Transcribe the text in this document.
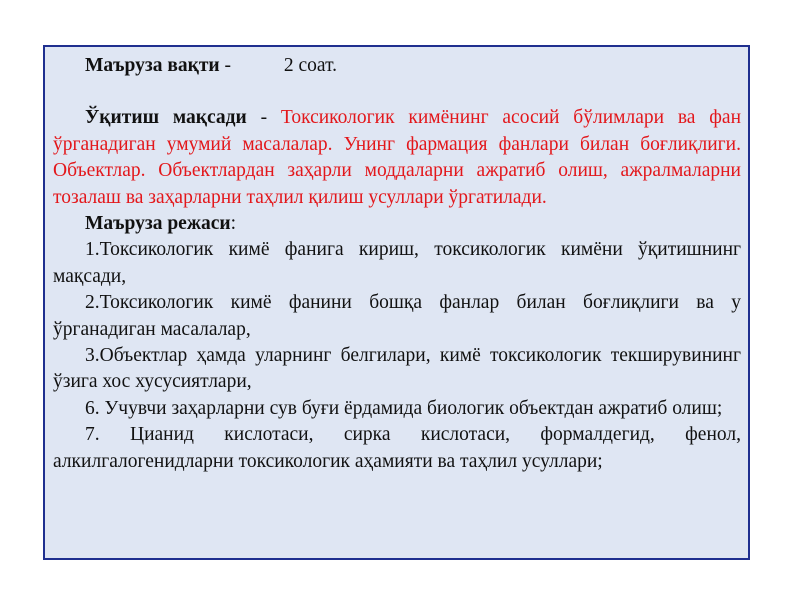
Маъруза вақти - 2 соат.

Ўқитиш мақсади - Токсикологик кимёнинг асосий бўлимлари ва фан ўрганадиган умумий масалалар. Унинг фармация фанлари билан боғлиқлиги. Объектлар. Объектлардан заҳарли моддаларни ажратиб олиш, ажралмаларни тозалаш ва заҳарларни таҳлил қилиш усуллари ўргатилади.

Маъруза режаси:

1.Токсикологик кимё фанига кириш, токсикологик кимёни ўқитишнинг мақсади,

2.Токсикологик кимё фанини бошқа фанлар билан боғлиқлиги ва у ўрганадиган масалалар,

3.Объектлар ҳамда уларнинг белгилари, кимё токсикологик текширувининг ўзига хос хусусиятлари,

6. Учувчи заҳарларни сув буғи ёрдамида биологик объектдан ажратиб олиш;

7. Цианид кислотаси, сирка кислотаси, формалдегид, фенол, алкилгалогенидларни токсикологик аҳамияти ва таҳлил усуллари;
